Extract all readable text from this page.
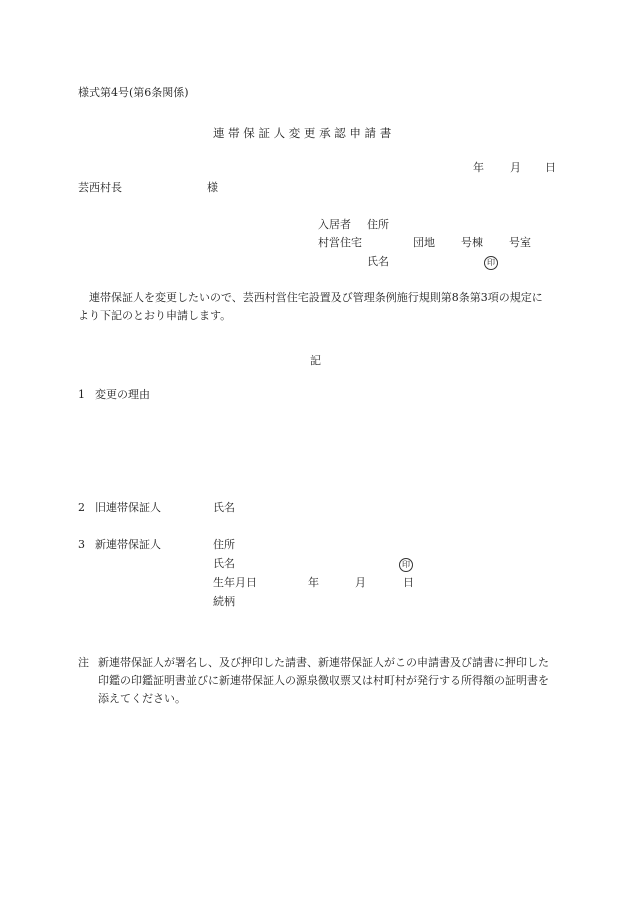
様式第4号(第6条関係)
連 帯 保 証 人 変 更 承 認 申 請 書
年 月 日
芸西村長	様
入居者 住所
村営住宅	団地 号棟 号室
氏名	印
連帯保証人を変更したいので、芸西村営住宅設置及び管理条例施行規則第8条第3項の規定により下記のとおり申請します。
記
1 変更の理由
2 旧連帯保証人	氏名
3 新連帯保証人	住所
氏名	印
生年月日	年	月	日
続柄
注 新連帯保証人が署名し、及び押印した請書、新連帯保証人がこの申請書及び請書に押印した印鑑の印鑑証明書並びに新連帯保証人の源泉徴収票又は村町村が発行する所得額の証明書を添えてください。
